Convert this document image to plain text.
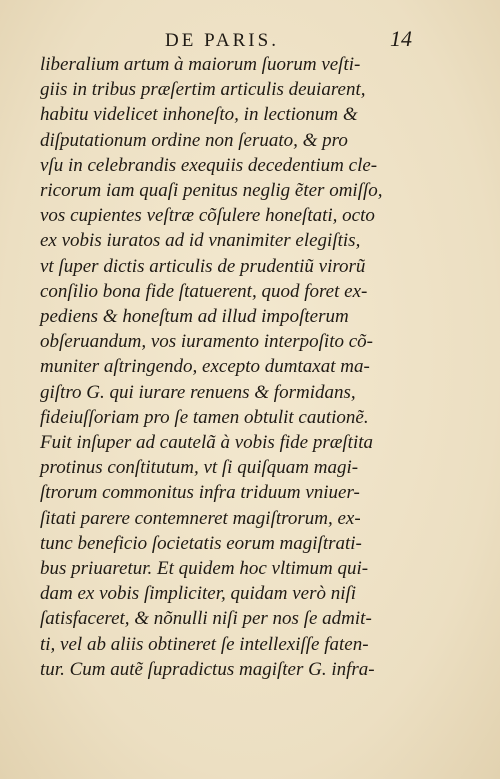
DE PARIS.	14
liberalium artum à maiorum ſuorum veſti-
giis in tribus præſertim articulis deuiarent,
habitu videlicet inhoneſto, in lectionum &
diſputationum ordine non ſeruato, & pro
vſu in celebrandis exequiis decedentium cle-
ricorum iam quaſi penitus neglig ẽter omiſſo,
vos cupientes veſtræ cõſulere honeſtati, octo
ex vobis iuratos ad id vnanimiter elegiſtis,
vt ſuper dictis articulis de prudentiũ virorũ
conſilio bona fide ſtatuerent, quod foret ex-
pediens & honeſtum ad illud impoſterum
obſeruandum, vos iuramento interpoſito cõ-
muniter aſtringendo, excepto dumtaxat ma-
giſtro G. qui iurare renuens & formidans,
fideiuſſoriam pro ſe tamen obtulit cautionẽ.
Fuit inſuper ad cautelã à vobis fide præſtita
protinus conſtitutum, vt ſi quiſquam magi-
ſtrorum commonitus infra triduum vniuer-
ſitati parere contemneret magiſtrorum, ex-
tunc beneficio ſocietatis eorum magiſtrati-
bus priuaretur. Et quidem hoc vltimum qui-
dam ex vobis ſimpliciter, quidam verò niſi
ſatisfaceret, & nõnulli niſi per nos ſe admit-
ti, vel ab aliis obtineret ſe intellexiſſe faten-
tur. Cum autẽ ſupradictus magiſter G. infra-
